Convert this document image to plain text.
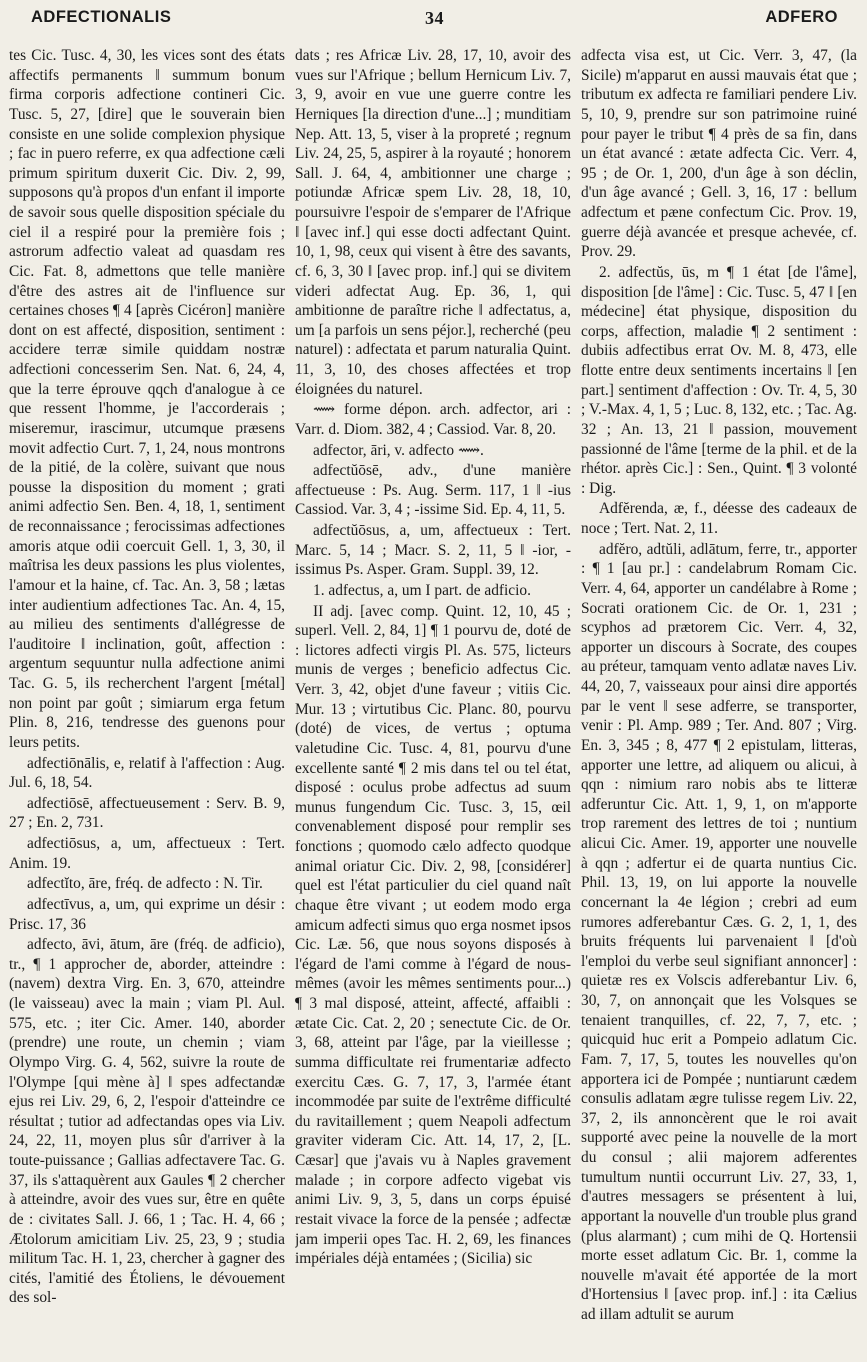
ADFECTIONALIS	34	ADFERO

tes Cic. Tusc. 4, 30, les vices sont des états affectifs permanents ‖ summum bonum firma corporis adfectione contineri Cic. Tusc. 5, 27, [dire] que le souverain bien consiste en une solide complexion physique ; fac in puero referre, ex qua adfectione cæli primum spiritum duxerit Cic. Div. 2, 99, supposons qu'à propos d'un enfant il importe de savoir sous quelle disposition spéciale du ciel il a respiré pour la première fois ; astrorum adfectio valeat ad quasdam res Cic. Fat. 8, admettons que telle manière d'être des astres ait de l'influence sur certaines choses ¶ 4 [après Cicéron] manière dont on est affecté, disposition, sentiment : accidere terræ simile quiddam nostræ adfectioni concesserim Sen. Nat. 6, 24, 4, que la terre éprouve qqch d'analogue à ce que ressent l'homme, je l'accorderais ; miseremur, irascimur, utcumque præsens movit adfectio Curt. 7, 1, 24, nous montrons de la pitié, de la colère, suivant que nous pousse la disposition du moment ; grati animi adfectio Sen. Ben. 4, 18, 1, sentiment de reconnaissance ; ferocissimas adfectiones amoris atque odii coercuit Gell. 1, 3, 30, il maîtrisa les deux passions les plus violentes, l'amour et la haine, cf. Tac. An. 3, 58 ; lætas inter audientium adfectiones Tac. An. 4, 15, au milieu des sentiments d'allégresse de l'auditoire ‖ inclination, goût, affection : argentum sequuntur nulla adfectione animi Tac. G. 5, ils recherchent l'argent [métal] non point par goût ; simiarum erga fetum Plin. 8, 216, tendresse des guenons pour leurs petits.

adfectiōnālis, e, relatif à l'affection : Aug. Jul. 6, 18, 54.

adfectiōsē, affectueusement : Serv. B. 9, 27 ; En. 2, 731.

adfectiōsus, a, um, affectueux : Tert. Anim. 19.

adfectĭto, āre, fréq. de adfecto : N. Tir.

adfectīvus, a, um, qui exprime un désir : Prisc. 17, 36

adfecto, āvi, ātum, āre (fréq. de adficio), tr., ¶ 1 approcher de, aborder, atteindre : (navem) dextra Virg. En. 3, 670, atteindre (le vaisseau) avec la main ; viam Pl. Aul. 575, etc. ; iter Cic. Amer. 140, aborder (prendre) une route, un chemin ; viam Olympo Virg. G. 4, 562, suivre la route de l'Olympe [qui mène à] ‖ spes adfectandæ ejus rei Liv. 29, 6, 2, l'espoir d'atteindre ce résultat ; tutior ad adfectandas opes via Liv. 24, 22, 11, moyen plus sûr d'arriver à la toute-puissance ; Gallias adfectavere Tac. G. 37, ils s'attaquèrent aux Gaules ¶ 2 chercher à atteindre, avoir des vues sur, être en quête de : civitates Sall. J. 66, 1 ; Tac. H. 4, 66 ; Ætolorum amicitiam Liv. 25, 23, 9 ; studia militum Tac. H. 1, 23, chercher à gagner des cités, l'amitié des Étoliens, le dévouement des sol-

dats ; res Africæ Liv. 28, 17, 10, avoir des vues sur l'Afrique ; bellum Hernicum Liv. 7, 3, 9, avoir en vue une guerre contre les Herniques [la direction d'une...] ; munditiam Nep. Att. 13, 5, viser à la propreté ; regnum Liv. 24, 25, 5, aspirer à la royauté ; honorem Sall. J. 64, 4, ambitionner une charge ; potiundæ Africæ spem Liv. 28, 18, 10, poursuivre l'espoir de s'emparer de l'Afrique ‖ [avec inf.] qui esse docti adfectant Quint. 10, 1, 98, ceux qui visent à être des savants, cf. 6, 3, 30 ‖ [avec prop. inf.] qui se divitem videri adfectat Aug. Ep. 36, 1, qui ambitionne de paraître riche ‖ adfectatus, a, um [a parfois un sens péjor.], recherché (peu naturel) : adfectata et parum naturalia Quint. 11, 3, 10, des choses affectées et trop éloignées du naturel.

⟿ forme dépon. arch. adfector, ari : Varr. d. Diom. 382, 4 ; Cassiod. Var. 8, 20.

adfector, āri, v. adfecto ⟿.

adfectŭōsē, adv., d'une manière affectueuse : Ps. Aug. Serm. 117, 1 ‖ -ius Cassiod. Var. 3, 4 ; -issime Sid. Ep. 4, 11, 5.

adfectŭōsus, a, um, affectueux : Tert. Marc. 5, 14 ; Macr. S. 2, 11, 5 ‖ -ior, -issimus Ps. Asper. Gram. Suppl. 39, 12.

1. adfectus, a, um I part. de adficio.

II adj. [avec comp. Quint. 12, 10, 45 ; superl. Vell. 2, 84, 1] ¶ 1 pourvu de, doté de : lictores adfecti virgis Pl. As. 575, licteurs munis de verges ; beneficio adfectus Cic. Verr. 3, 42, objet d'une faveur ; vitiis Cic. Mur. 13 ; virtutibus Cic. Planc. 80, pourvu (doté) de vices, de vertus ; optuma valetudine Cic. Tusc. 4, 81, pourvu d'une excellente santé ¶ 2 mis dans tel ou tel état, disposé : oculus probe adfectus ad suum munus fungendum Cic. Tusc. 3, 15, œil convenablement disposé pour remplir ses fonctions ; quomodo cælo adfecto quodque animal oriatur Cic. Div. 2, 98, [considérer] quel est l'état particulier du ciel quand naît chaque être vivant ; ut eodem modo erga amicum adfecti simus quo erga nosmet ipsos Cic. Læ. 56, que nous soyons disposés à l'égard de l'ami comme à l'égard de nous-mêmes (avoir les mêmes sentiments pour...) ¶ 3 mal disposé, atteint, affecté, affaibli : ætate Cic. Cat. 2, 20 ; senectute Cic. de Or. 3, 68, atteint par l'âge, par la vieillesse ; summa difficultate rei frumentariæ adfecto exercitu Cæs. G. 7, 17, 3, l'armée étant incommodée par suite de l'extrême difficulté du ravitaillement ; quem Neapoli adfectum graviter videram Cic. Att. 14, 17, 2, [L. Cæsar] que j'avais vu à Naples gravement malade ; in corpore adfecto vigebat vis animi Liv. 9, 3, 5, dans un corps épuisé restait vivace la force de la pensée ; adfectæ jam imperii opes Tac. H. 2, 69, les finances impériales déjà entamées ; (Sicilia) sic

adfecta visa est, ut Cic. Verr. 3, 47, (la Sicile) m'apparut en aussi mauvais état que ; tributum ex adfecta re familiari pendere Liv. 5, 10, 9, prendre sur son patrimoine ruiné pour payer le tribut ¶ 4 près de sa fin, dans un état avancé : ætate adfecta Cic. Verr. 4, 95 ; de Or. 1, 200, d'un âge à son déclin, d'un âge avancé ; Gell. 3, 16, 17 : bellum adfectum et pæne confectum Cic. Prov. 19, guerre déjà avancée et presque achevée, cf. Prov. 29.

2. adfectŭs, ūs, m ¶ 1 état [de l'âme], disposition [de l'âme] : Cic. Tusc. 5, 47 ‖ [en médecine] état physique, disposition du corps, affection, maladie ¶ 2 sentiment : dubiis adfectibus errat Ov. M. 8, 473, elle flotte entre deux sentiments incertains ‖ [en part.] sentiment d'affection : Ov. Tr. 4, 5, 30 ; V.-Max. 4, 1, 5 ; Luc. 8, 132, etc. ; Tac. Ag. 32 ; An. 13, 21 ‖ passion, mouvement passionné de l'âme [terme de la phil. et de la rhétor. après Cic.] : Sen., Quint. ¶ 3 volonté : Dig.

Adfĕrenda, æ, f., déesse des cadeaux de noce ; Tert. Nat. 2, 11.

adfĕro, adtŭli, adlātum, ferre, tr., apporter : ¶ 1 [au pr.] : candelabrum Romam Cic. Verr. 4, 64, apporter un candélabre à Rome ; Socrati orationem Cic. de Or. 1, 231 ; scyphos ad prætorem Cic. Verr. 4, 32, apporter un discours à Socrate, des coupes au préteur, tamquam vento adlatæ naves Liv. 44, 20, 7, vaisseaux pour ainsi dire apportés par le vent ‖ sese adferre, se transporter, venir : Pl. Amp. 989 ; Ter. And. 807 ; Virg. En. 3, 345 ; 8, 477 ¶ 2 epistulam, litteras, apporter une lettre, ad aliquem ou alicui, à qqn : nimium raro nobis abs te litteræ adferuntur Cic. Att. 1, 9, 1, on m'apporte trop rarement des lettres de toi ; nuntium alicui Cic. Amer. 19, apporter une nouvelle à qqn ; adfertur ei de quarta nuntius Cic. Phil. 13, 19, on lui apporte la nouvelle concernant la 4e légion ; crebri ad eum rumores adferebantur Cæs. G. 2, 1, 1, des bruits fréquents lui parvenaient ‖ [d'où l'emploi du verbe seul signifiant annoncer] : quietæ res ex Volscis adferebantur Liv. 6, 30, 7, on annonçait que les Volsques se tenaient tranquilles, cf. 22, 7, 7, etc. ; quicquid huc erit a Pompeio adlatum Cic. Fam. 7, 17, 5, toutes les nouvelles qu'on apportera ici de Pompée ; nuntiarunt cædem consulis adlatam ægre tulisse regem Liv. 22, 37, 2, ils annoncèrent que le roi avait supporté avec peine la nouvelle de la mort du consul ; alii majorem adferentes tumultum nuntii occurrunt Liv. 27, 33, 1, d'autres messagers se présentent à lui, apportant la nouvelle d'un trouble plus grand (plus alarmant) ; cum mihi de Q. Hortensii morte esset adlatum Cic. Br. 1, comme la nouvelle m'avait été apportée de la mort d'Hortensius ‖ [avec prop. inf.] : ita Cælius ad illam adtulit se aurum
